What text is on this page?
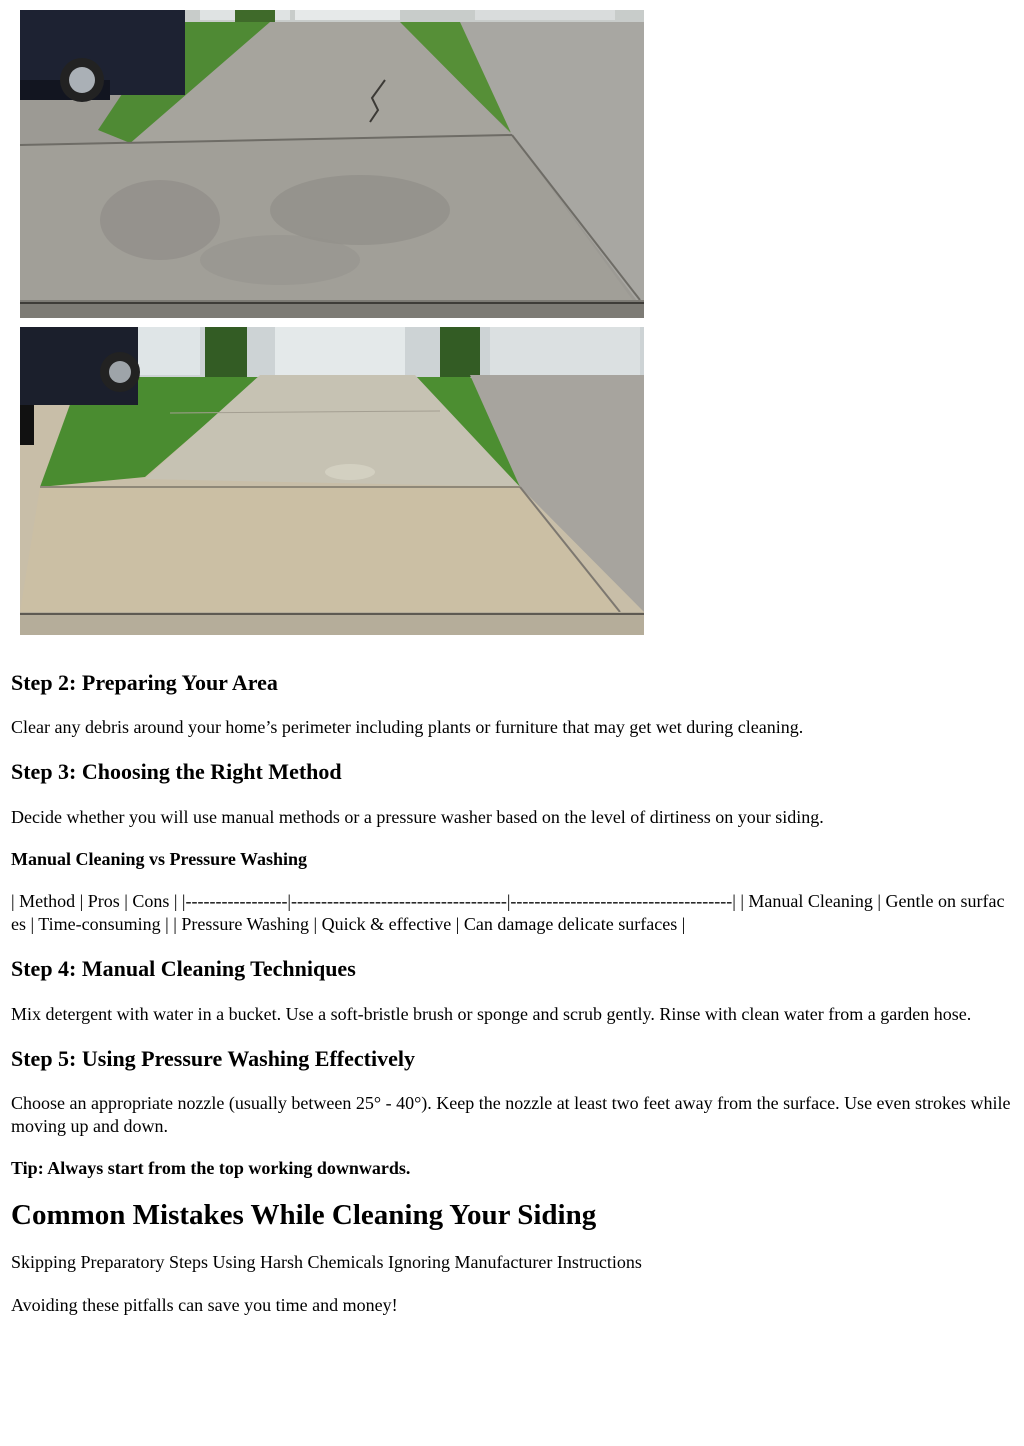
Step 2: Preparing Your Area

Clear any debris around your home’s perimeter including plants or furniture that may get wet during cleaning.

Step 3: Choosing the Right Method

Decide whether you will use manual methods or a pressure washer based on the level of dirtiness on your siding.

Manual Cleaning vs Pressure Washing
| Method | Pros | Cons | |-----------------|------------------------------------|-------------------------------------| | Manual Cleaning | Gentle on surfaces | Time-consuming | | Pressure Washing | Quick & effective | Can damage delicate surfaces |
Step 4: Manual Cleaning Techniques

Mix detergent with water in a bucket. Use a soft-bristle brush or sponge and scrub gently. Rinse with clean water from a garden hose.

Step 5: Using Pressure Washing Effectively

Choose an appropriate nozzle (usually between 25° - 40°). Keep the nozzle at least two feet away from the surface. Use even strokes while moving up and down.

Tip: Always start from the top working downwards.
Common Mistakes While Cleaning Your Siding

Skipping Preparatory Steps Using Harsh Chemicals Ignoring Manufacturer Instructions

Avoiding these pitfalls can save you time and money!
